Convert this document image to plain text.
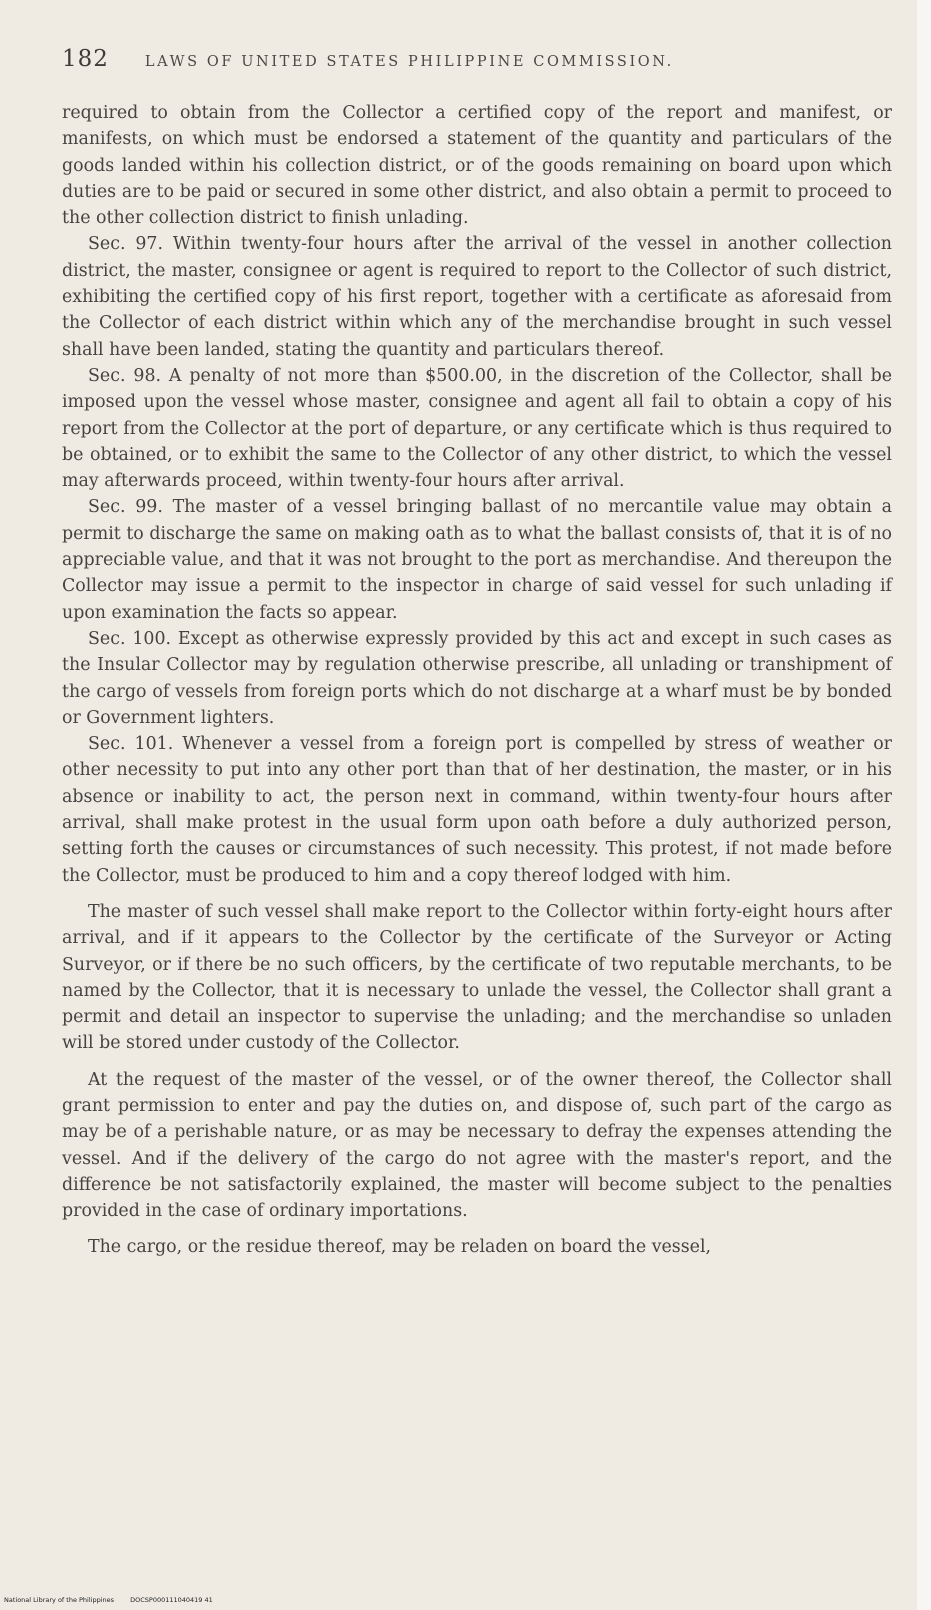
182 LAWS OF UNITED STATES PHILIPPINE COMMISSION.

required to obtain from the Collector a certified copy of the report and manifest, or manifests, on which must be endorsed a statement of the quantity and particulars of the goods landed within his collection district, or of the goods remaining on board upon which duties are to be paid or secured in some other district, and also obtain a permit to proceed to the other collection district to finish unlading.

Sec. 97. Within twenty-four hours after the arrival of the vessel in another collection district, the master, consignee or agent is required to report to the Collector of such district, exhibiting the certified copy of his first report, together with a certificate as aforesaid from the Collector of each district within which any of the merchandise brought in such vessel shall have been landed, stating the quantity and particulars thereof.

Sec. 98. A penalty of not more than $500.00, in the discretion of the Collector, shall be imposed upon the vessel whose master, consignee and agent all fail to obtain a copy of his report from the Collector at the port of departure, or any certificate which is thus required to be obtained, or to exhibit the same to the Collector of any other district, to which the vessel may afterwards proceed, within twenty-four hours after arrival.

Sec. 99. The master of a vessel bringing ballast of no mercantile value may obtain a permit to discharge the same on making oath as to what the ballast consists of, that it is of no appreciable value, and that it was not brought to the port as merchandise. And thereupon the Collector may issue a permit to the inspector in charge of said vessel for such unlading if upon examination the facts so appear.

Sec. 100. Except as otherwise expressly provided by this act and except in such cases as the Insular Collector may by regulation otherwise prescribe, all unlading or transhipment of the cargo of vessels from foreign ports which do not discharge at a wharf must be by bonded or Government lighters.

Sec. 101. Whenever a vessel from a foreign port is compelled by stress of weather or other necessity to put into any other port than that of her destination, the master, or in his absence or inability to act, the person next in command, within twenty-four hours after arrival, shall make protest in the usual form upon oath before a duly authorized person, setting forth the causes or circumstances of such necessity. This protest, if not made before the Collector, must be produced to him and a copy thereof lodged with him.

The master of such vessel shall make report to the Collector within forty-eight hours after arrival, and if it appears to the Collector by the certificate of the Surveyor or Acting Surveyor, or if there be no such officers, by the certificate of two reputable merchants, to be named by the Collector, that it is necessary to unlade the vessel, the Collector shall grant a permit and detail an inspector to supervise the unlading; and the merchandise so unladen will be stored under custody of the Collector.

At the request of the master of the vessel, or of the owner thereof, the Collector shall grant permission to enter and pay the duties on, and dispose of, such part of the cargo as may be of a perishable nature, or as may be necessary to defray the expenses attending the vessel. And if the delivery of the cargo do not agree with the master's report, and the difference be not satisfactorily explained, the master will become subject to the penalties provided in the case of ordinary importations.

The cargo, or the residue thereof, may be reladen on board the vessel,

National Library of the Philippines DOCSP000111040419 41
